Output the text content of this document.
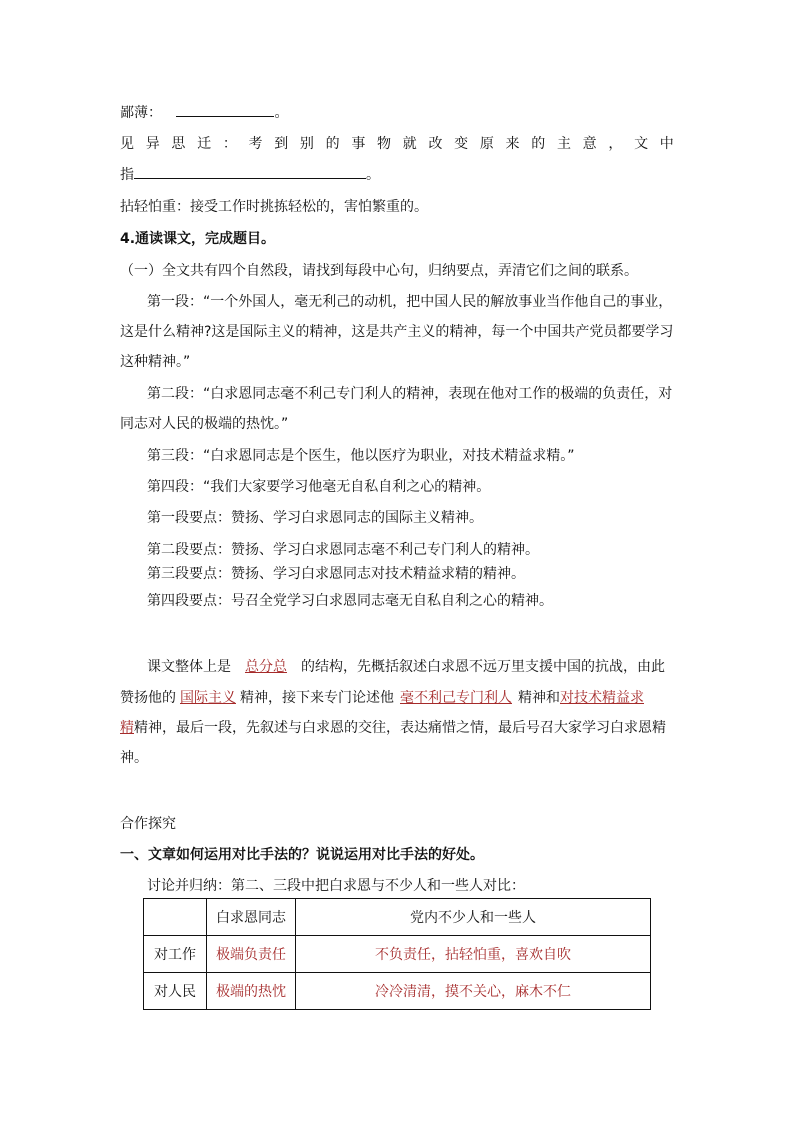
鄙薄：	。
见 异 思 迁 ： 考 到 别 的 事 物 就 改 变 原 来 的 主 意 ， 文 中
指	。
拈轻怕重：接受工作时挑拣轻松的，害怕繁重的。
4.通读课文，完成题目。
（一）全文共有四个自然段，请找到每段中心句，归纳要点，弄清它们之间的联系。
第一段：“一个外国人，毫无利己的动机，把中国人民的解放事业当作他自己的事业，
这是什么精神?这是国际主义的精神，这是共产主义的精神，每一个中国共产党员都要学习
这种精神。”
第二段：“白求恩同志毫不利己专门利人的精神，表现在他对工作的极端的负责任，对
同志对人民的极端的热忱。”
第三段：“白求恩同志是个医生，他以医疗为职业，对技术精益求精。”
第四段：“我们大家要学习他毫无自私自利之心的精神。
第一段要点：赞扬、学习白求恩同志的国际主义精神。
第二段要点：赞扬、学习白求恩同志毫不利己专门利人的精神。
第三段要点：赞扬、学习白求恩同志对技术精益求精的精神。
第四段要点：号召全党学习白求恩同志毫无自私自利之心的精神。
课文整体上是 总分总 的结构，先概括叙述白求恩不远万里支援中国的抗战，由此
赞扬他的 国际主义 精神，接下来专门论述他 毫不利己专门利人 精神和对技术精益求
精精神，最后一段，先叙述与白求恩的交往，表达痛惜之情，最后号召大家学习白求恩精
神。
合作探究
一、文章如何运用对比手法的？说说运用对比手法的好处。
讨论并归纳：第二、三段中把白求恩与不少人和一些人对比：
	白求恩同志	党内不少人和一些人
对工作	极端负责任	不负责任，拈轻怕重，喜欢自吹
对人民	极端的热忱	冷冷清清，摸不关心，麻木不仁
